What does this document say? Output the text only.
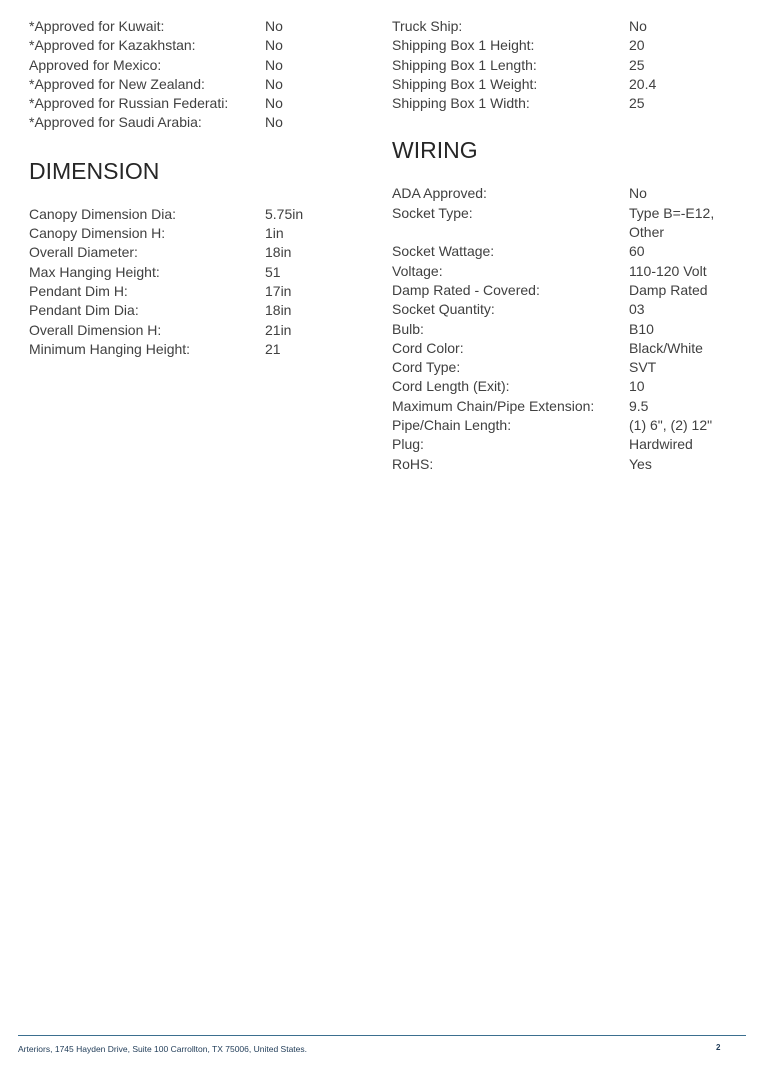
*Approved for Kuwait:	No
*Approved for Kazakhstan:	No
Approved for Mexico:	No
*Approved for New Zealand:	No
*Approved for Russian Federati:	No
*Approved for Saudi Arabia:	No
DIMENSION
Canopy Dimension Dia:	5.75in
Canopy Dimension H:	1in
Overall Diameter:	18in
Max Hanging Height:	51
Pendant Dim H:	17in
Pendant Dim Dia:	18in
Overall Dimension H:	21in
Minimum Hanging Height:	21
Truck Ship:	No
Shipping Box 1 Height:	20
Shipping Box 1 Length:	25
Shipping Box 1 Weight:	20.4
Shipping Box 1 Width:	25
WIRING
ADA Approved:	No
Socket Type:	Type B=-E12, Other
Socket Wattage:	60
Voltage:	110-120 Volt
Damp Rated - Covered:	Damp Rated
Socket Quantity:	03
Bulb:	B10
Cord Color:	Black/White
Cord Type:	SVT
Cord Length (Exit):	10
Maximum Chain/Pipe Extension:	9.5
Pipe/Chain Length:	(1) 6", (2) 12"
Plug:	Hardwired
RoHS:	Yes
Arteriors, 1745 Hayden Drive, Suite 100 Carrollton, TX 75006, United States.	2
